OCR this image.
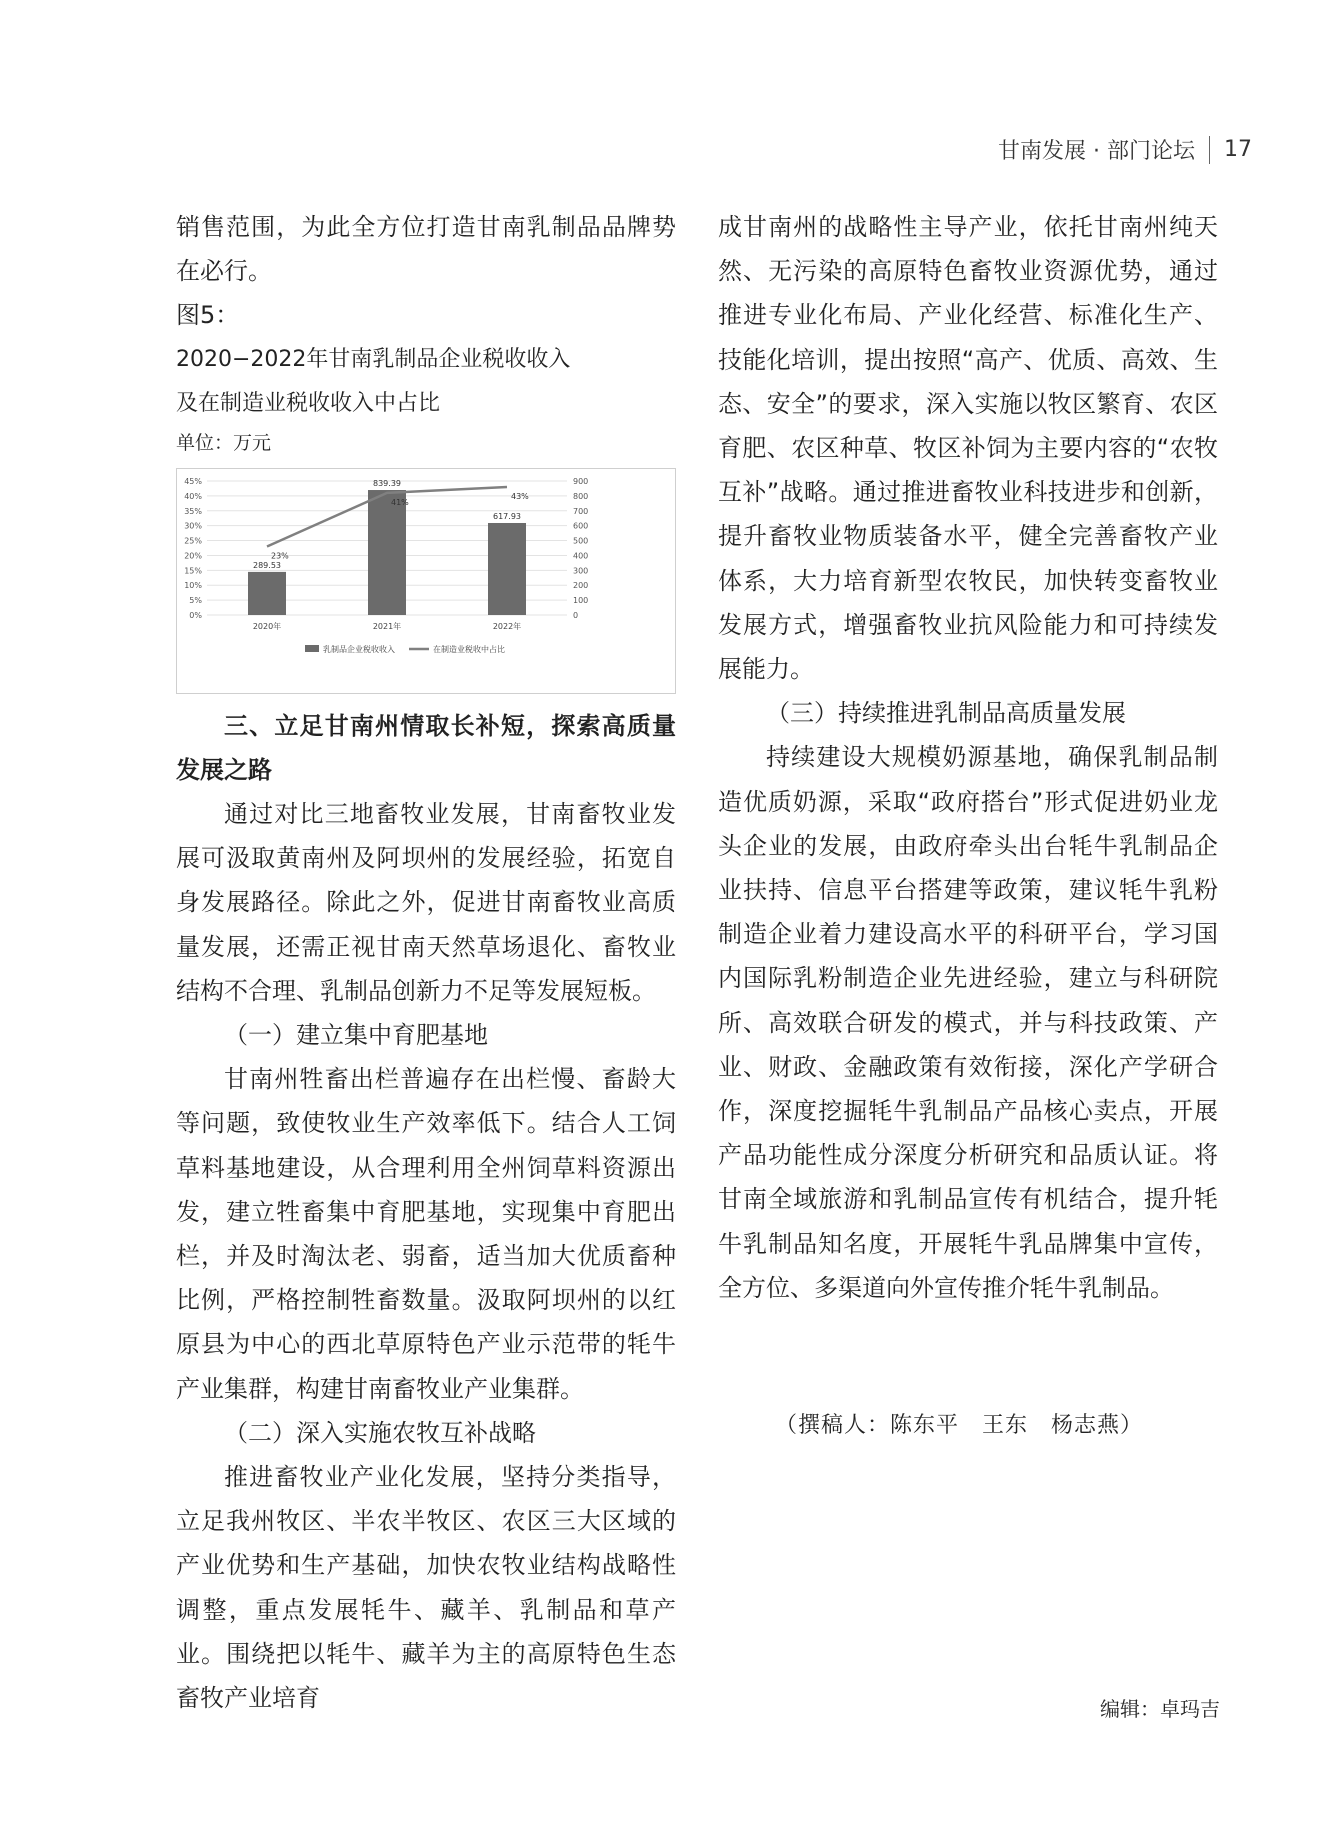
甘南发展 · 部门论坛 17

销售范围，为此全方位打造甘南乳制品品牌势在必行。

图5：

2020−2022年甘南乳制品企业税收收入

及在制造业税收收入中占比

单位：万元

0%
5%
10%
15%
20%
25%
30%
35%
40%
45%
0
100
200
300
400
500
600
700
800
900
289.53
2020年
839.39
2021年
617.93
2022年
23%
41%
43%
乳制品企业税收收入	在制造业税收中占比

三、立足甘南州情取长补短，探索高质量发展之路

通过对比三地畜牧业发展，甘南畜牧业发展可汲取黄南州及阿坝州的发展经验，拓宽自身发展路径。除此之外，促进甘南畜牧业高质量发展，还需正视甘南天然草场退化、畜牧业结构不合理、乳制品创新力不足等发展短板。

（一）建立集中育肥基地

甘南州牲畜出栏普遍存在出栏慢、畜龄大等问题，致使牧业生产效率低下。结合人工饲草料基地建设，从合理利用全州饲草料资源出发，建立牲畜集中育肥基地，实现集中育肥出栏，并及时淘汰老、弱畜，适当加大优质畜种比例，严格控制牲畜数量。汲取阿坝州的以红原县为中心的西北草原特色产业示范带的牦牛产业集群，构建甘南畜牧业产业集群。

（二）深入实施农牧互补战略

推进畜牧业产业化发展，坚持分类指导，立足我州牧区、半农半牧区、农区三大区域的产业优势和生产基础，加快农牧业结构战略性调整，重点发展牦牛、藏羊、乳制品和草产业。围绕把以牦牛、藏羊为主的高原特色生态畜牧产业培育

成甘南州的战略性主导产业，依托甘南州纯天然、无污染的高原特色畜牧业资源优势，通过推进专业化布局、产业化经营、标准化生产、技能化培训，提出按照“高产、优质、高效、生态、安全”的要求，深入实施以牧区繁育、农区育肥、农区种草、牧区补饲为主要内容的“农牧互补”战略。通过推进畜牧业科技进步和创新，提升畜牧业物质装备水平，健全完善畜牧产业体系，大力培育新型农牧民，加快转变畜牧业发展方式，增强畜牧业抗风险能力和可持续发展能力。

（三）持续推进乳制品高质量发展

持续建设大规模奶源基地，确保乳制品制造优质奶源，采取“政府搭台”形式促进奶业龙头企业的发展，由政府牵头出台牦牛乳制品企业扶持、信息平台搭建等政策，建议牦牛乳粉制造企业着力建设高水平的科研平台，学习国内国际乳粉制造企业先进经验，建立与科研院所、高效联合研发的模式，并与科技政策、产业、财政、金融政策有效衔接，深化产学研合作，深度挖掘牦牛乳制品产品核心卖点，开展产品功能性成分深度分析研究和品质认证。将甘南全域旅游和乳制品宣传有机结合，提升牦牛乳制品知名度，开展牦牛乳品牌集中宣传，全方位、多渠道向外宣传推介牦牛乳制品。

（撰稿人：陈东平　王东　杨志燕）
编辑：卓玛吉
